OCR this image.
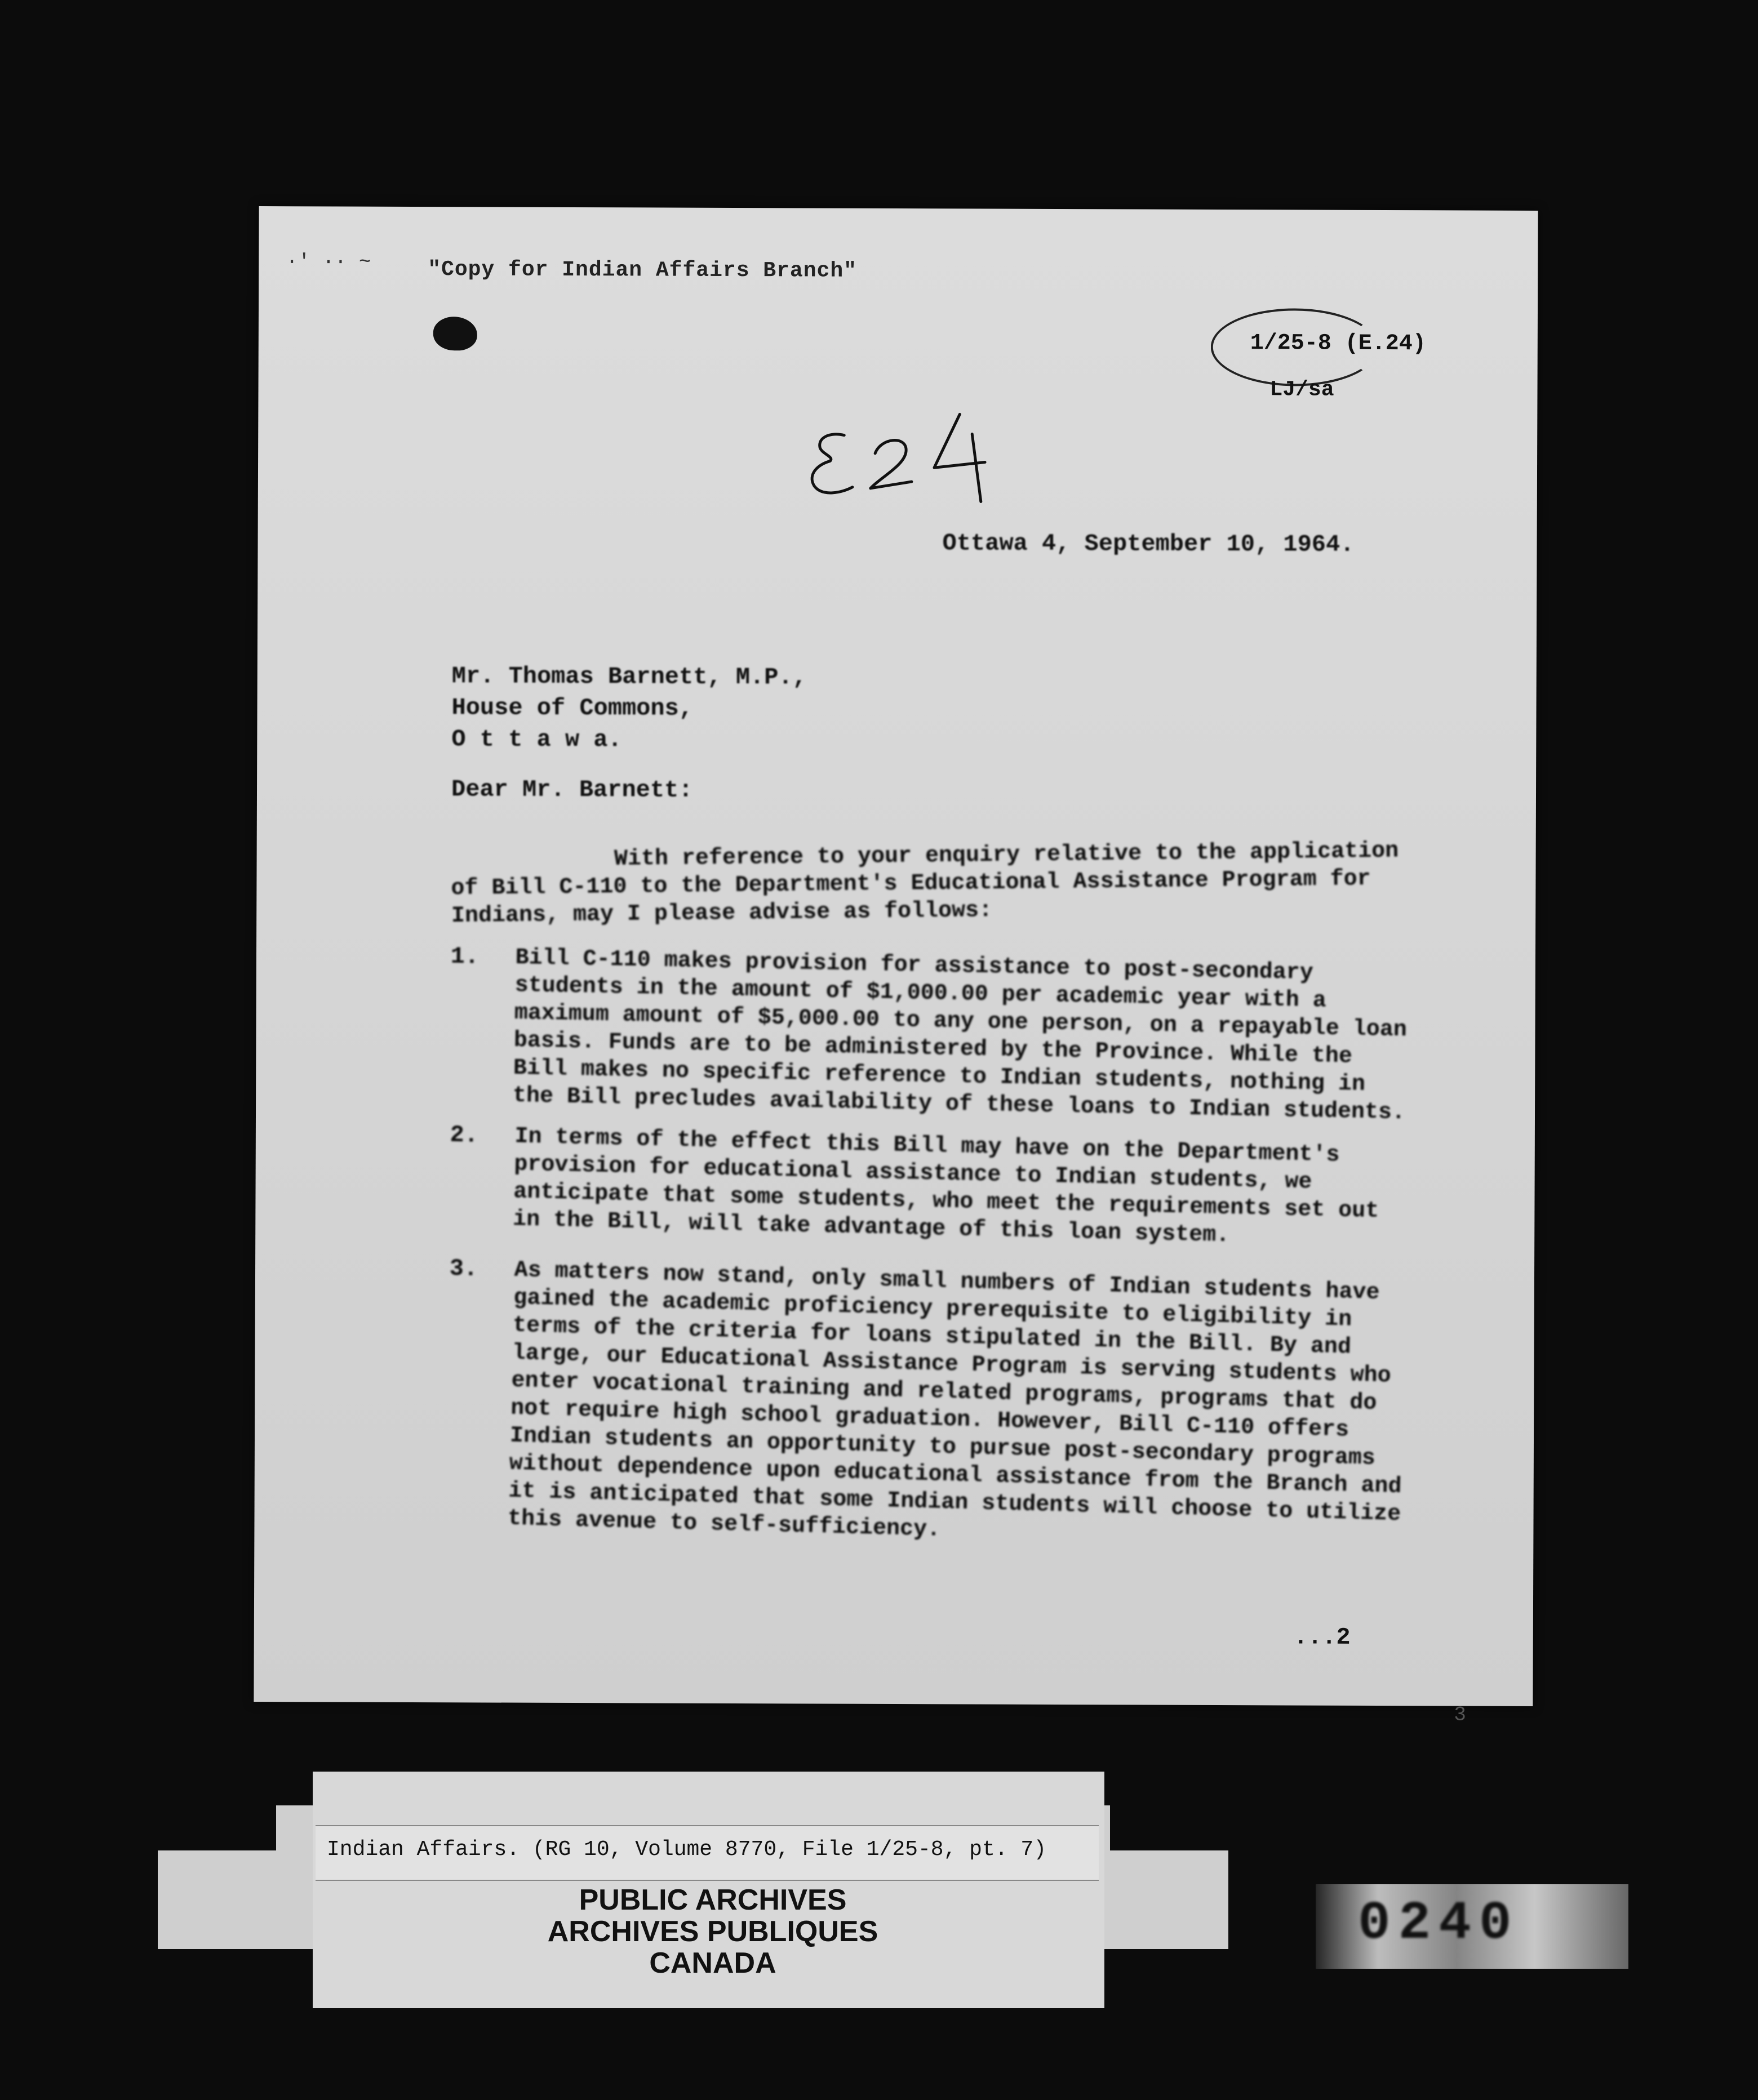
·' ·· ~	"Copy for Indian Affairs Branch"
1/25-8 (E.24)
LJ/sa
Ottawa 4, September 10, 1964.
Mr. Thomas Barnett, M.P.,
House of Commons,
O t t a w a.
Dear Mr. Barnett:
With reference to your enquiry relative to the application of Bill C-110 to the Department's Educational Assistance Program for Indians, may I please advise as follows:
1. Bill C-110 makes provision for assistance to post-secondary students in the amount of $1,000.00 per academic year with a maximum amount of $5,000.00 to any one person, on a repayable loan basis. Funds are to be administered by the Province. While the Bill makes no specific reference to Indian students, nothing in the Bill precludes availability of these loans to Indian students.
2. In terms of the effect this Bill may have on the Department's provision for educational assistance to Indian students, we anticipate that some students, who meet the requirements set out in the Bill, will take advantage of this loan system.
3. As matters now stand, only small numbers of Indian students have gained the academic proficiency prerequisite to eligibility in terms of the criteria for loans stipulated in the Bill. By and large, our Educational Assistance Program is serving students who enter vocational training and related programs, programs that do not require high school graduation. However, Bill C-110 offers Indian students an opportunity to pursue post-secondary programs without dependence upon educational assistance from the Branch and it is anticipated that some Indian students will choose to utilize this avenue to self-sufficiency.
...2
3
Indian Affairs. (RG 10, Volume 8770, File 1/25-8, pt. 7)
PUBLIC ARCHIVES
ARCHIVES PUBLIQUES
CANADA
0240
